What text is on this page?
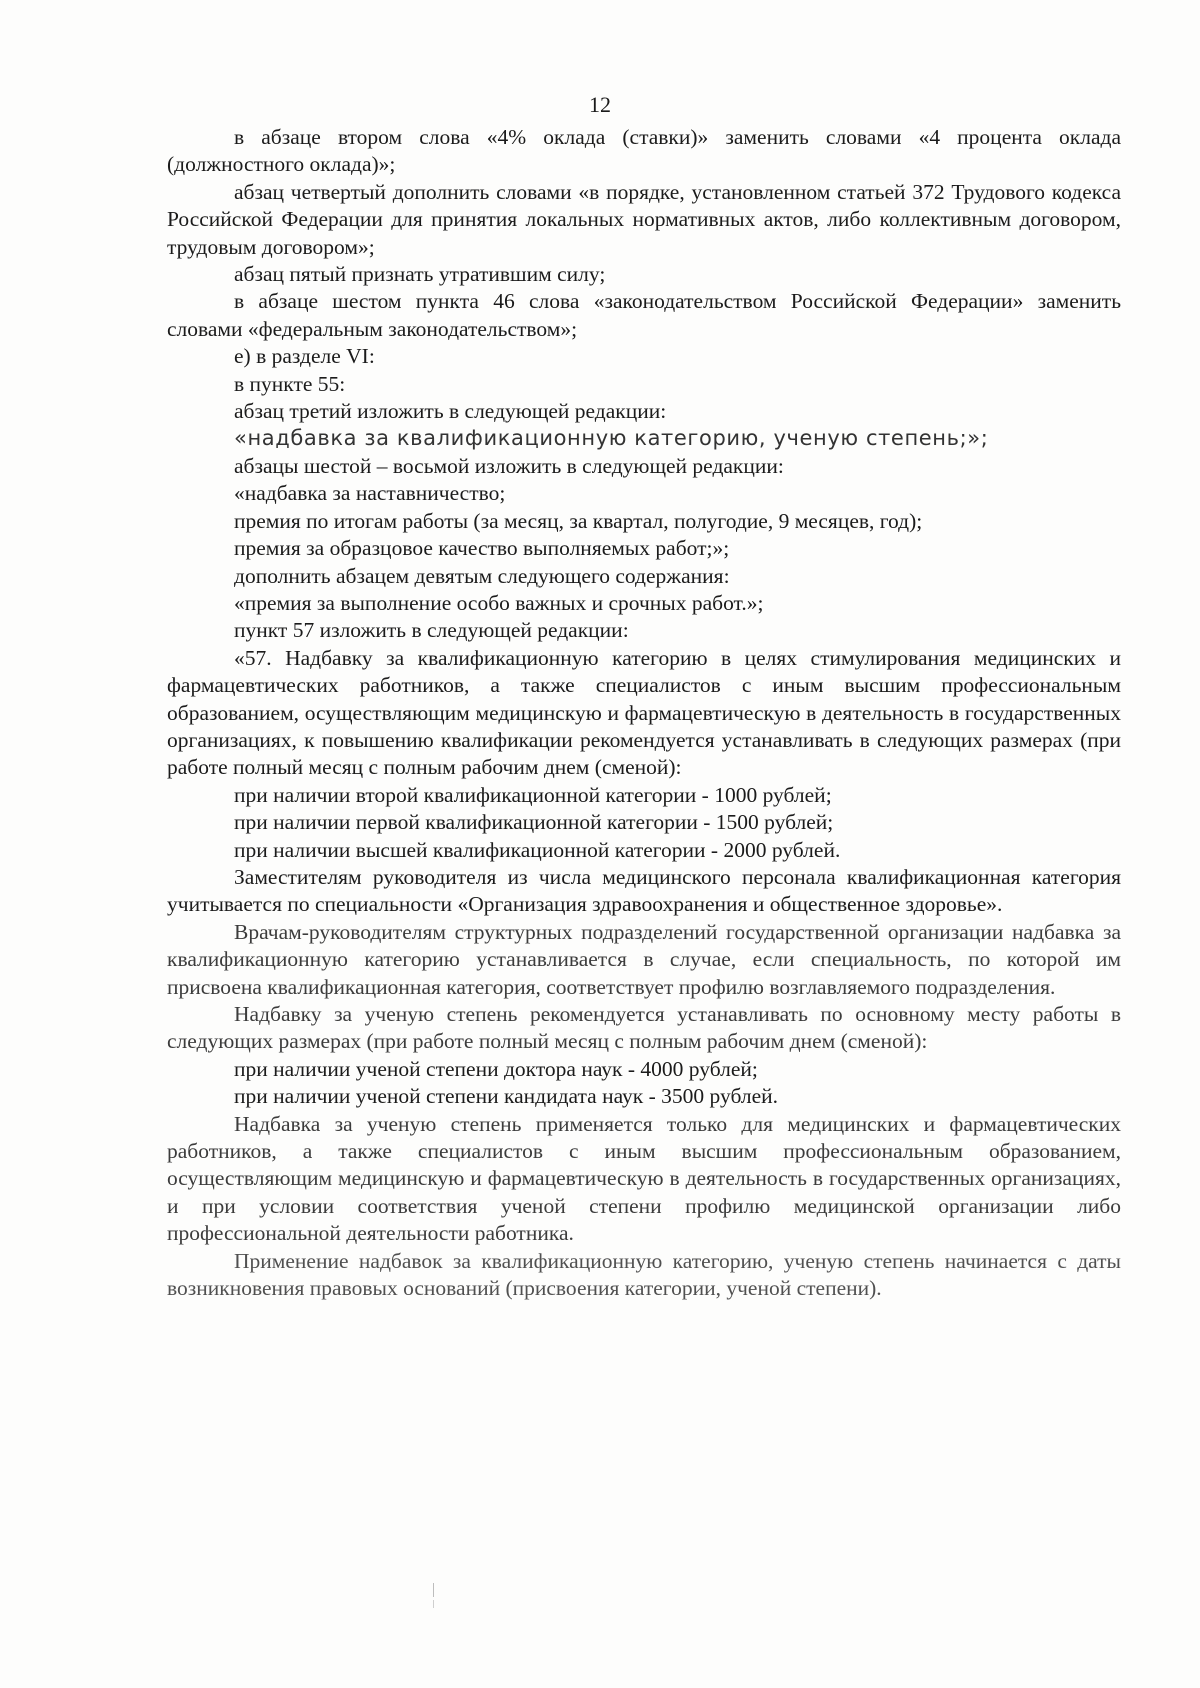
12

в абзаце втором слова «4% оклада (ставки)» заменить словами «4 процента оклада (должностного оклада)»;

абзац четвертый дополнить словами «в порядке, установленном статьей 372 Трудового кодекса Российской Федерации для принятия локальных нормативных актов, либо коллективным договором, трудовым договором»;

абзац пятый признать утратившим силу;

в абзаце шестом пункта 46 слова «законодательством Российской Федерации» заменить словами «федеральным законодательством»;

е) в разделе VI:

в пункте 55:

абзац третий изложить в следующей редакции:

«надбавка за квалификационную категорию, ученую степень;»;

абзацы шестой – восьмой изложить в следующей редакции:

«надбавка за наставничество;

премия по итогам работы (за месяц, за квартал, полугодие, 9 месяцев, год);

премия за образцовое качество выполняемых работ;»;

дополнить абзацем девятым следующего содержания:

«премия за выполнение особо важных и срочных работ.»;

пункт 57 изложить в следующей редакции:

«57. Надбавку за квалификационную категорию в целях стимулирования медицинских и фармацевтических работников, а также специалистов с иным высшим профессиональным образованием, осуществляющим медицинскую и фармацевтическую в деятельность в государственных организациях, к повышению квалификации рекомендуется устанавливать в следующих размерах (при работе полный месяц с полным рабочим днем (сменой):

при наличии второй квалификационной категории - 1000 рублей;

при наличии первой квалификационной категории - 1500 рублей;

при наличии высшей квалификационной категории - 2000 рублей.

Заместителям руководителя из числа медицинского персонала квалификационная категория учитывается по специальности «Организация здравоохранения и общественное здоровье».

Врачам-руководителям структурных подразделений государственной организации надбавка за квалификационную категорию устанавливается в случае, если специальность, по которой им присвоена квалификационная категория, соответствует профилю возглавляемого подразделения.

Надбавку за ученую степень рекомендуется устанавливать по основному месту работы в следующих размерах (при работе полный месяц с полным рабочим днем (сменой):

при наличии ученой степени доктора наук - 4000 рублей;

при наличии ученой степени кандидата наук - 3500 рублей.

Надбавка за ученую степень применяется только для медицинских и фармацевтических работников, а также специалистов с иным высшим профессиональным образованием, осуществляющим медицинскую и фармацевтическую в деятельность в государственных организациях, и при условии соответствия ученой степени профилю медицинской организации либо профессиональной деятельности работника.

Применение надбавок за квалификационную категорию, ученую степень начинается с даты возникновения правовых оснований (присвоения категории, ученой степени).
